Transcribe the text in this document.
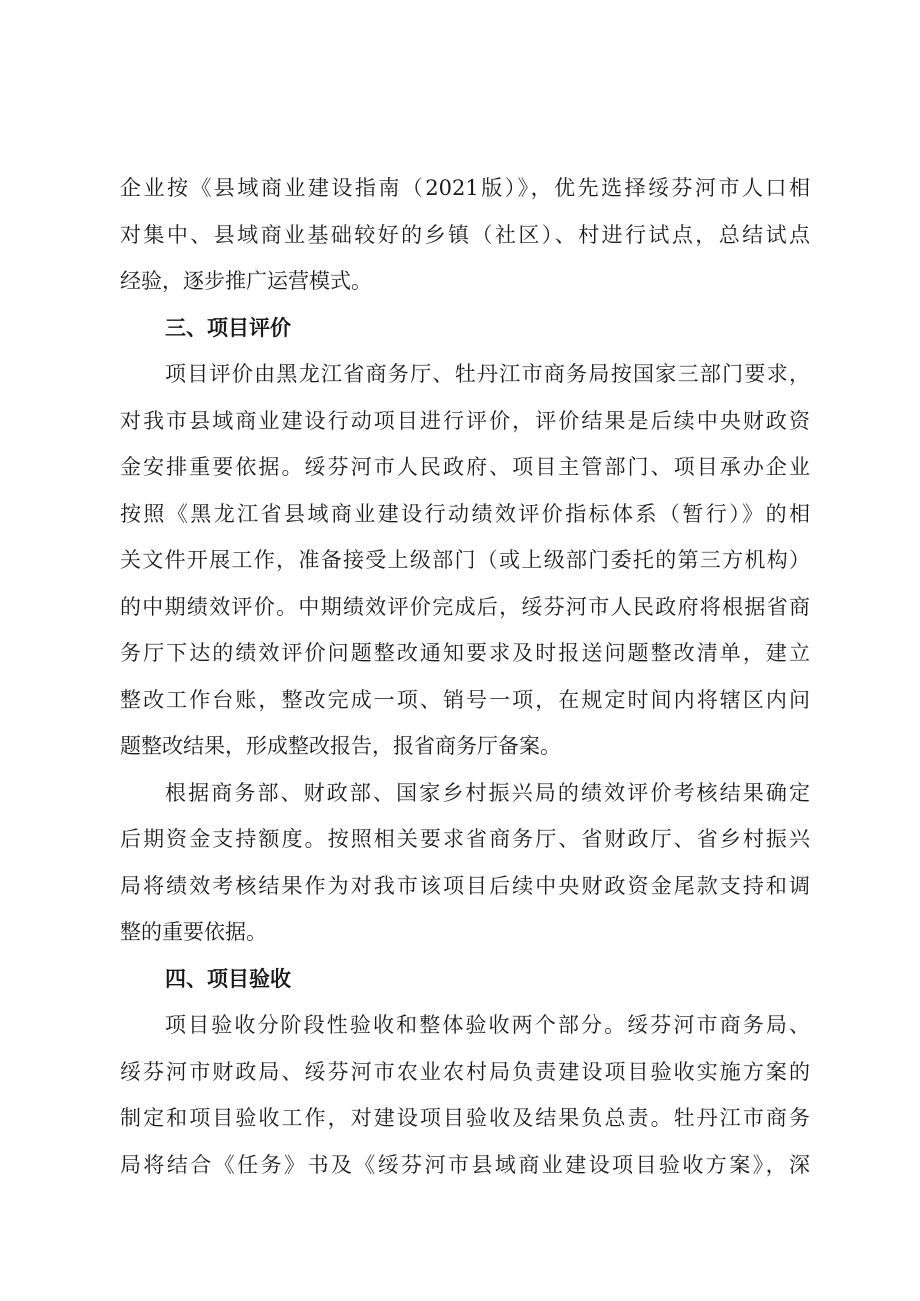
企业按《县域商业建设指南（2021版）》，优先选择绥芬河市人口相
对集中、县域商业基础较好的乡镇（社区）、村进行试点，总结试点
经验，逐步推广运营模式。
三、项目评价
项目评价由黑龙江省商务厅、牡丹江市商务局按国家三部门要求，
对我市县域商业建设行动项目进行评价，评价结果是后续中央财政资
金安排重要依据。绥芬河市人民政府、项目主管部门、项目承办企业
按照《黑龙江省县域商业建设行动绩效评价指标体系（暂行）》的相
关文件开展工作，准备接受上级部门（或上级部门委托的第三方机构）
的中期绩效评价。中期绩效评价完成后，绥芬河市人民政府将根据省商
务厅下达的绩效评价问题整改通知要求及时报送问题整改清单，建立
整改工作台账，整改完成一项、销号一项，在规定时间内将辖区内问
题整改结果，形成整改报告，报省商务厅备案。
根据商务部、财政部、国家乡村振兴局的绩效评价考核结果确定
后期资金支持额度。按照相关要求省商务厅、省财政厅、省乡村振兴
局将绩效考核结果作为对我市该项目后续中央财政资金尾款支持和调
整的重要依据。
四、项目验收
项目验收分阶段性验收和整体验收两个部分。绥芬河市商务局、
绥芬河市财政局、绥芬河市农业农村局负责建设项目验收实施方案的
制定和项目验收工作，对建设项目验收及结果负总责。牡丹江市商务
局将结合《任务》书及《绥芬河市县域商业建设项目验收方案》，深
